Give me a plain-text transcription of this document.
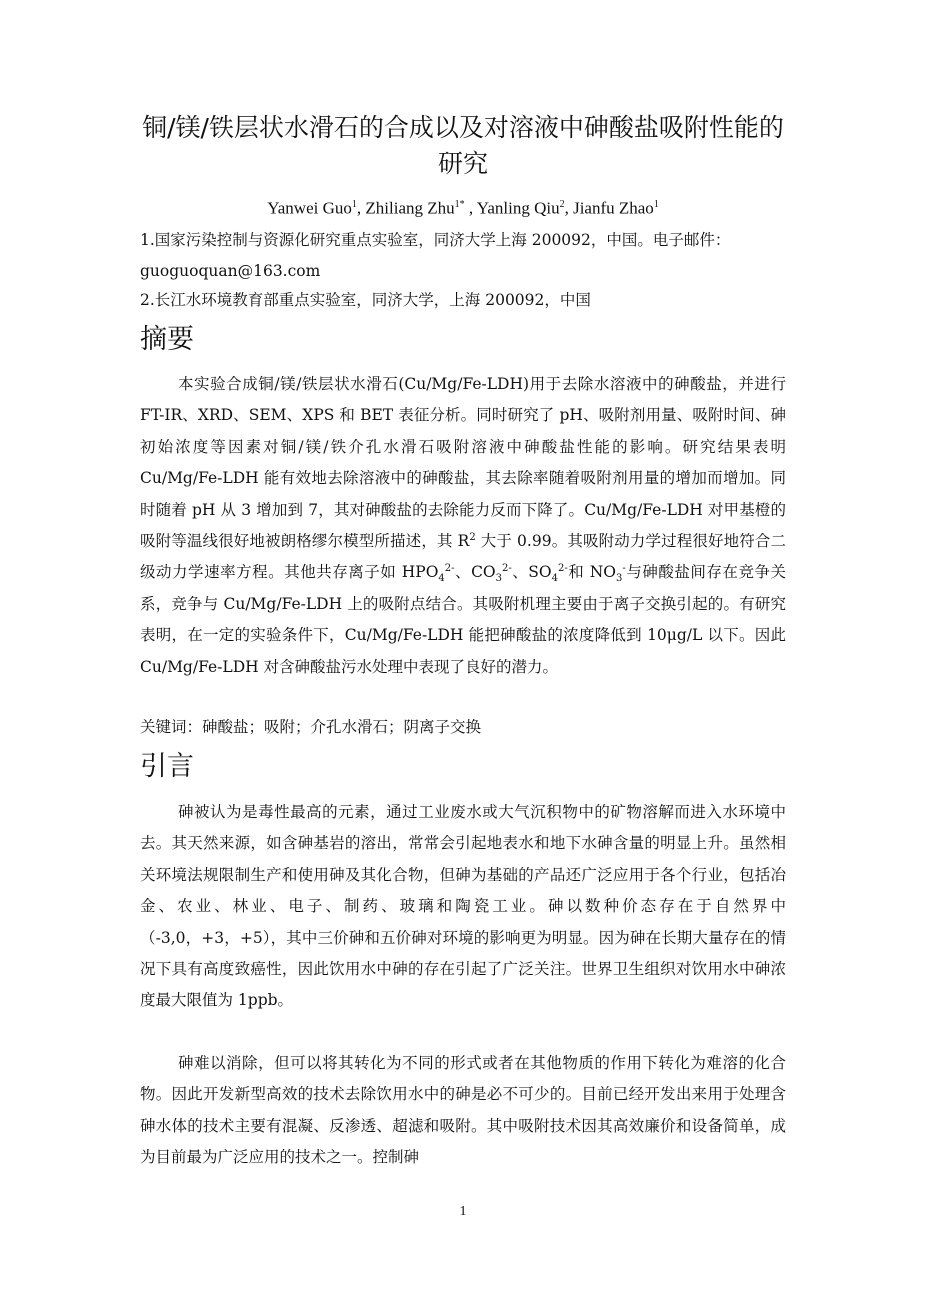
铜/镁/铁层状水滑石的合成以及对溶液中砷酸盐吸附性能的研究
Yanwei Guo$^1$, Zhiliang Zhu$^{1*}$ , Yanling Qiu$^2$, Jianfu Zhao$^1$
1.国家污染控制与资源化研究重点实验室，同济大学上海 200092，中国。电子邮件：guoguoquan@163.com
2.长江水环境教育部重点实验室，同济大学，上海 200092，中国
摘要

本实验合成铜/镁/铁层状水滑石(Cu/Mg/Fe-LDH)用于去除水溶液中的砷酸盐，并进行 FT-IR、XRD、SEM、XPS 和 BET 表征分析。同时研究了 pH、吸附剂用量、吸附时间、砷初始浓度等因素对铜/镁/铁介孔水滑石吸附溶液中砷酸盐性能的影响。研究结果表明 Cu/Mg/Fe-LDH 能有效地去除溶液中的砷酸盐，其去除率随着吸附剂用量的增加而增加。同时随着 pH 从 3 增加到 7，其对砷酸盐的去除能力反而下降了。Cu/Mg/Fe-LDH 对甲基橙的吸附等温线很好地被朗格缪尔模型所描述，其 $R^2$ 大于 0.99。其吸附动力学过程很好地符合二级动力学速率方程。其他共存离子如 $HPO_4^{2-}$、$CO_3^{2-}$、$SO_4^{2-}$和 $NO_3^-$与砷酸盐间存在竞争关系，竞争与 Cu/Mg/Fe-LDH 上的吸附点结合。其吸附机理主要由于离子交换引起的。有研究表明，在一定的实验条件下，Cu/Mg/Fe-LDH 能把砷酸盐的浓度降低到 10μg/L 以下。因此 Cu/Mg/Fe-LDH 对含砷酸盐污水处理中表现了良好的潜力。

关键词：砷酸盐；吸附；介孔水滑石；阴离子交换
引言

砷被认为是毒性最高的元素，通过工业废水或大气沉积物中的矿物溶解而进入水环境中去。其天然来源，如含砷基岩的溶出，常常会引起地表水和地下水砷含量的明显上升。虽然相关环境法规限制生产和使用砷及其化合物，但砷为基础的产品还广泛应用于各个行业，包括冶金、农业、林业、电子、制药、玻璃和陶瓷工业。砷以数种价态存在于自然界中（-3,0，+3，+5），其中三价砷和五价砷对环境的影响更为明显。因为砷在长期大量存在的情况下具有高度致癌性，因此饮用水中砷的存在引起了广泛关注。世界卫生组织对饮用水中砷浓度最大限值为 1ppb。

砷难以消除，但可以将其转化为不同的形式或者在其他物质的作用下转化为难溶的化合物。因此开发新型高效的技术去除饮用水中的砷是必不可少的。目前已经开发出来用于处理含砷水体的技术主要有混凝、反渗透、超滤和吸附。其中吸附技术因其高效廉价和设备简单，成为目前最为广泛应用的技术之一。控制砷

1
